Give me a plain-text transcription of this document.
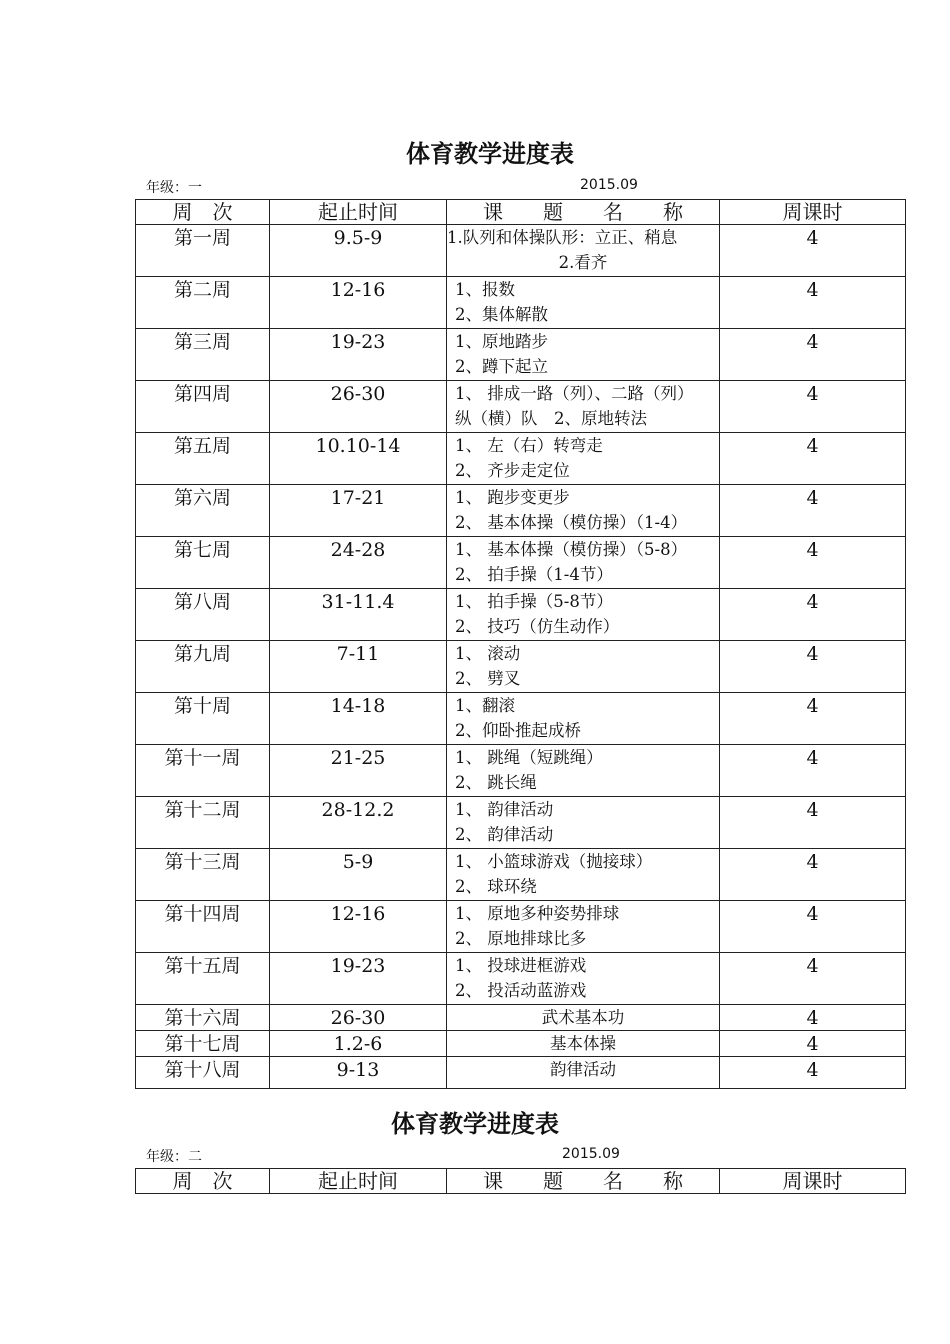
体育教学进度表
年级：一	2015.09
周　次	起止时间	课　　题　　名　　称	周课时
第一周	9.5-9	1.队列和体操队形：立正、稍息
2.看齐	4
第二周	12-16	1、报数
2、集体解散	4
第三周	19-23	1、原地踏步
2、蹲下起立	4
第四周	26-30	1、 排成一路（列）、二路（列）
纵（横）队　2、原地转法	4
第五周	10.10-14	1、 左（右）转弯走
2、 齐步走定位	4
第六周	17-21	1、 跑步变更步
2、 基本体操（模仿操）（1-4）	4
第七周	24-28	1、 基本体操（模仿操）（5-8）
2、 拍手操（1-4节）	4
第八周	31-11.4	1、 拍手操（5-8节）
2、 技巧（仿生动作）	4
第九周	7-11	1、 滚动
2、 劈叉	4
第十周	14-18	1、翻滚
2、仰卧推起成桥	4
第十一周	21-25	1、 跳绳（短跳绳）
2、 跳长绳	4
第十二周	28-12.2	1、 韵律活动
2、 韵律活动	4
第十三周	5-9	1、 小篮球游戏（抛接球）
2、 球环绕	4
第十四周	12-16	1、 原地多种姿势排球
2、 原地排球比多	4
第十五周	19-23	1、 投球进框游戏
2、 投活动蓝游戏	4
第十六周	26-30	武术基本功	4
第十七周	1.2-6	基本体操	4
第十八周	9-13	韵律活动	4
体育教学进度表
年级：二	2015.09
周　次	起止时间	课　　题　　名　　称	周课时
